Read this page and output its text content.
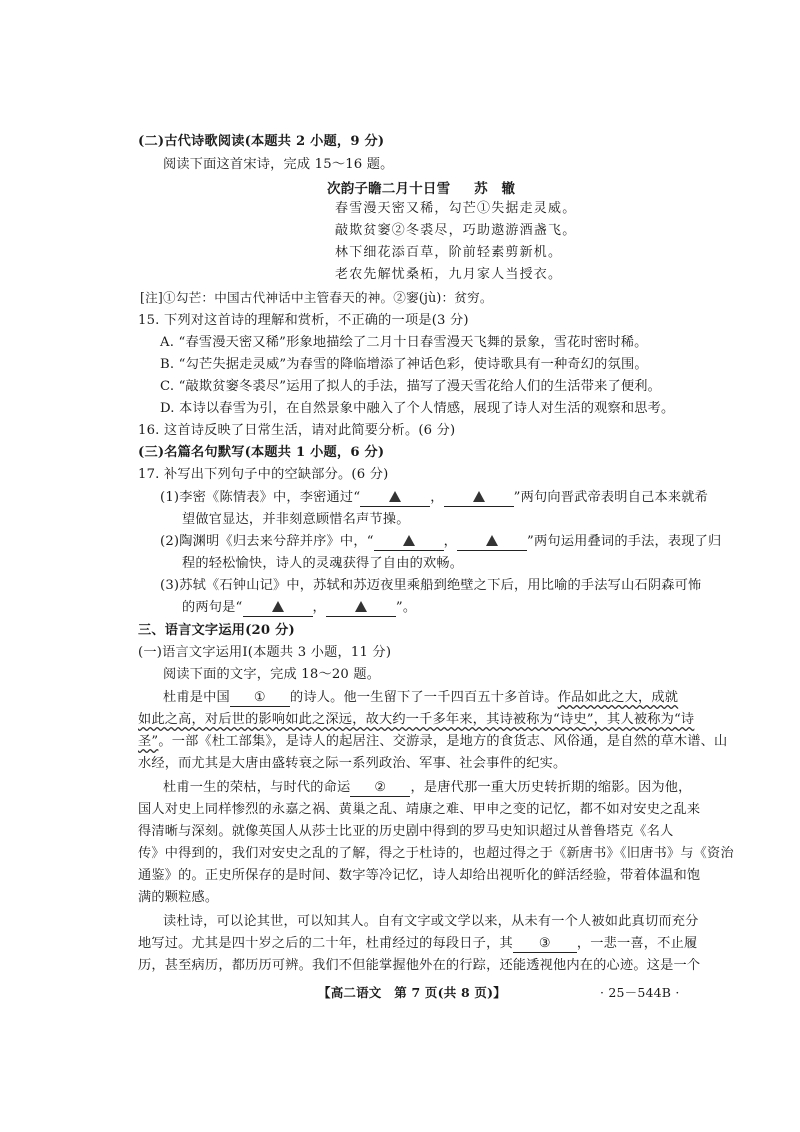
(二)古代诗歌阅读(本题共 2 小题，9 分)
阅读下面这首宋诗，完成 15～16 题。
次韵子瞻二月十日雪 苏　辙
春雪漫天密又稀，勾芒①失据走灵威。
敲欺贫窭②冬裘尽，巧助遨游酒盏飞。
林下细花添百草，阶前轻素剪新机。
老农先解忧桑柘，九月家人当授衣。
[注]①勾芒：中国古代神话中主管春天的神。②窭(jù)：贫穷。
15. 下列对这首诗的理解和赏析，不正确的一项是(3 分)
A. “春雪漫天密又稀”形象地描绘了二月十日春雪漫天飞舞的景象，雪花时密时稀。
B. “勾芒失据走灵威”为春雪的降临增添了神话色彩，使诗歌具有一种奇幻的氛围。
C. “敲欺贫窭冬裘尽”运用了拟人的手法，描写了漫天雪花给人们的生活带来了便利。
D. 本诗以春雪为引，在自然景象中融入了个人情感，展现了诗人对生活的观察和思考。
16. 这首诗反映了日常生活，请对此简要分析。(6 分)
(三)名篇名句默写(本题共 1 小题，6 分)
17. 补写出下列句子中的空缺部分。(6 分)
(1)李密《陈情表》中，李密通过“	，	”两句向晋武帝表明自己本来就希
望做官显达，并非刻意顾惜名声节操。
(2)陶渊明《归去来兮辞并序》中，“	，	”两句运用叠词的手法，表现了归
程的轻松愉快，诗人的灵魂获得了自由的欢畅。
(3)苏轼《石钟山记》中，苏轼和苏迈夜里乘船到绝壁之下后，用比喻的手法写山石阴森可怖
的两句是“	，	”。
三、语言文字运用(20 分)
(一)语言文字运用Ⅰ(本题共 3 小题，11 分)
阅读下面的文字，完成 18～20 题。
杜甫是中国 ① 的诗人。他一生留下了一千四百五十多首诗。作品如此之大，成就
如此之高，对后世的影响如此之深远，故大约一千多年来，其诗被称为“诗史”，其人被称为“诗
圣”。一部《杜工部集》，是诗人的起居注、交游录，是地方的食货志、风俗通，是自然的草木谱、山
水经，而尤其是大唐由盛转衰之际一系列政治、军事、社会事件的纪实。
杜甫一生的荣枯，与时代的命运 ② ，是唐代那一重大历史转折期的缩影。因为他，
国人对史上同样惨烈的永嘉之祸、黄巢之乱、靖康之难、甲申之变的记忆，都不如对安史之乱来
得清晰与深刻。就像英国人从莎士比亚的历史剧中得到的罗马史知识超过从普鲁塔克《名人
传》中得到的，我们对安史之乱的了解，得之于杜诗的，也超过得之于《新唐书》《旧唐书》与《资治
通鉴》的。正史所保存的是时间、数字等冷记忆，诗人却给出视听化的鲜活经验，带着体温和饱
满的颗粒感。
读杜诗，可以论其世，可以知其人。自有文字或文学以来，从未有一个人被如此真切而充分
地写过。尤其是四十岁之后的二十年，杜甫经过的每段日子，其 ③ ，一悲一喜，不止履
历，甚至病历，都历历可辨。我们不但能掌握他外在的行踪，还能透视他内在的心迹。这是一个
【高二语文　第 7 页(共 8 页)】	· 25－544B ·
